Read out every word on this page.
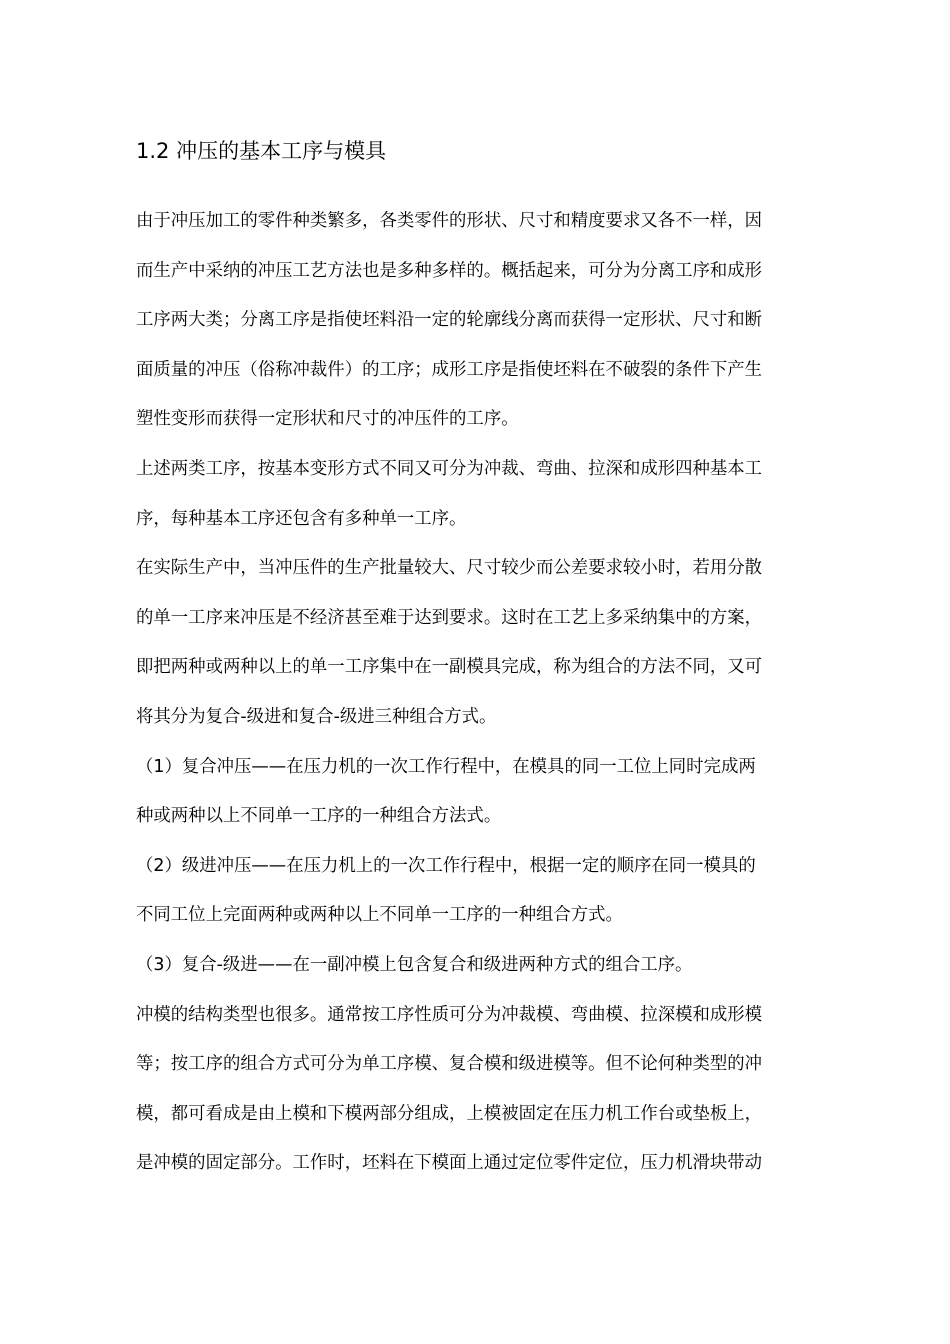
1.2 冲压的基本工序与模具
由于冲压加工的零件种类繁多，各类零件的形状、尺寸和精度要求又各不一样，因
而生产中采纳的冲压工艺方法也是多种多样的。概括起来，可分为分离工序和成形
工序两大类；分离工序是指使坯料沿一定的轮廓线分离而获得一定形状、尺寸和断
面质量的冲压（俗称冲裁件）的工序；成形工序是指使坯料在不破裂的条件下产生
塑性变形而获得一定形状和尺寸的冲压件的工序。
上述两类工序，按基本变形方式不同又可分为冲裁、弯曲、拉深和成形四种基本工
序，每种基本工序还包含有多种单一工序。
在实际生产中，当冲压件的生产批量较大、尺寸较少而公差要求较小时，若用分散
的单一工序来冲压是不经济甚至难于达到要求。这时在工艺上多采纳集中的方案，
即把两种或两种以上的单一工序集中在一副模具完成，称为组合的方法不同，又可
将其分为复合-级进和复合-级进三种组合方式。
（1）复合冲压——在压力机的一次工作行程中，在模具的同一工位上同时完成两
种或两种以上不同单一工序的一种组合方法式。
（2）级进冲压——在压力机上的一次工作行程中，根据一定的顺序在同一模具的
不同工位上完面两种或两种以上不同单一工序的一种组合方式。
（3）复合-级进——在一副冲模上包含复合和级进两种方式的组合工序。
冲模的结构类型也很多。通常按工序性质可分为冲裁模、弯曲模、拉深模和成形模
等；按工序的组合方式可分为单工序模、复合模和级进模等。但不论何种类型的冲
模，都可看成是由上模和下模两部分组成，上模被固定在压力机工作台或垫板上，
是冲模的固定部分。工作时，坯料在下模面上通过定位零件定位，压力机滑块带动
